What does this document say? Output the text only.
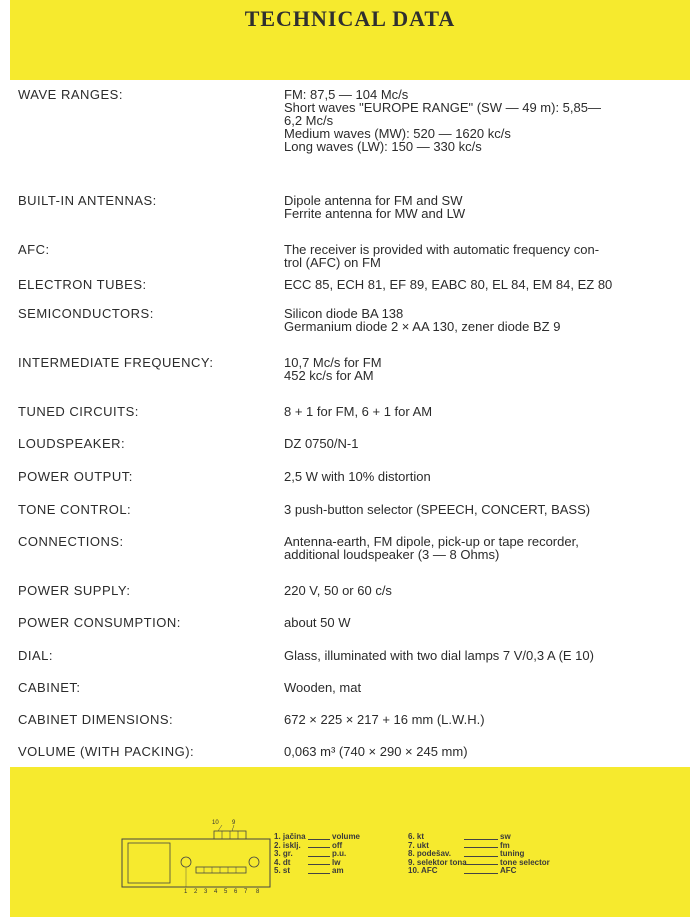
TECHNICAL DATA
WAVE RANGES:	FM: 87,5 — 104 Mc/s
Short waves "EUROPE RANGE" (SW — 49 m): 5,85—
6,2 Mc/s
Medium waves (MW): 520 — 1620 kc/s
Long waves (LW): 150 — 330 kc/s
BUILT-IN ANTENNAS:	Dipole antenna for FM and SW
Ferrite antenna for MW and LW
AFC:	The receiver is provided with automatic frequency con-
trol (AFC) on FM
ELECTRON TUBES:	ECC 85, ECH 81, EF 89, EABC 80, EL 84, EM 84, EZ 80
SEMICONDUCTORS:	Silicon diode BA 138
Germanium diode 2 × AA 130, zener diode BZ 9
INTERMEDIATE FREQUENCY:	10,7 Mc/s for FM
452 kc/s for AM
TUNED CIRCUITS:	8 + 1 for FM, 6 + 1 for AM
LOUDSPEAKER:	DZ 0750/N-1
POWER OUTPUT:	2,5 W with 10% distortion
TONE CONTROL:	3 push-button selector (SPEECH, CONCERT, BASS)
CONNECTIONS:	Antenna-earth, FM dipole, pick-up or tape recorder,
additional loudspeaker (3 — 8 Ohms)
POWER SUPPLY:	220 V, 50 or 60 c/s
POWER CONSUMPTION:	about 50 W
DIAL:	Glass, illuminated with two dial lamps 7 V/0,3 A (E 10)
CABINET:	Wooden, mat
CABINET DIMENSIONS:	672 × 225 × 217 + 16 mm (L.W.H.)
VOLUME (WITH PACKING):	0,063 m³ (740 × 290 × 245 mm)
10 9
1 2 3 4 5 6 7 8
1. jačina	volume
2. isklj.	off
3. gr.	p.u.
4. dt	lw
5. st	am
6. kt	sw
7. ukt	fm
8. podešav.	tuning
9. selektor tona	tone selector
10. AFC	AFC
